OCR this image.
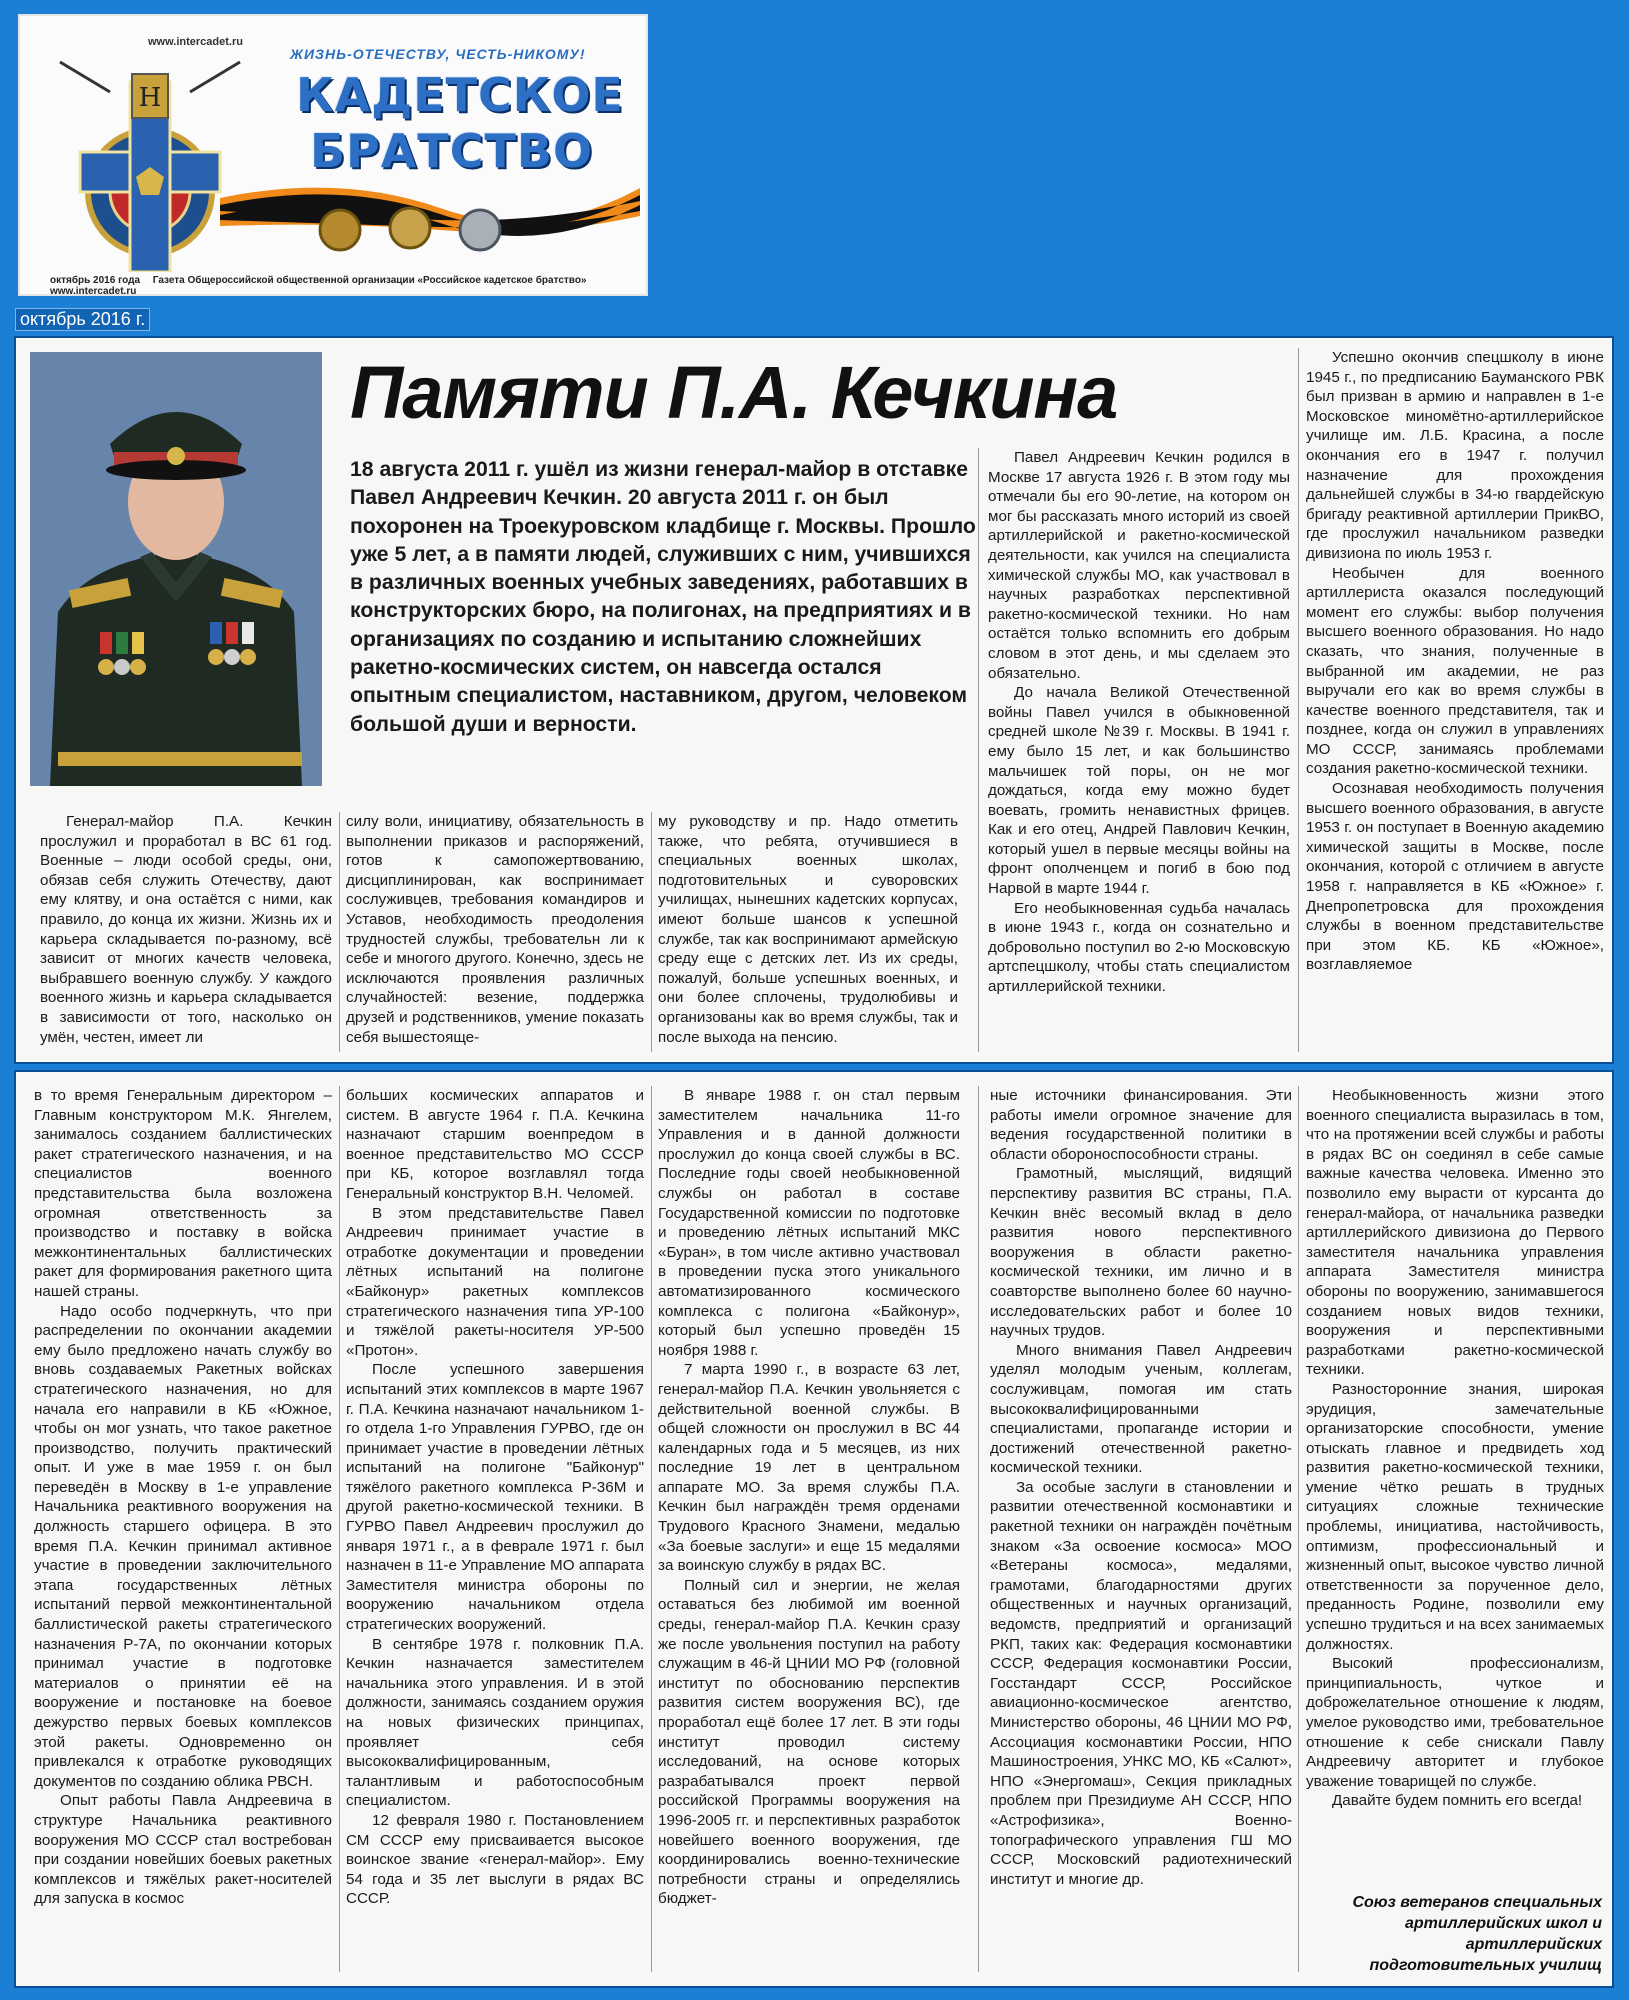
Н
www.intercadet.ru
ЖИЗНЬ-ОТЕЧЕСТВУ, ЧЕСТЬ-НИКОМУ!
КАДЕТСКОЕ
БРАТСТВО
октябрь 2016 года Газета Общероссийской общественной организации «Российское кадетское братство» www.intercadet.ru
октябрь 2016 г.
Памяти П.А. Кечкина
18 августа 2011 г. ушёл из жизни генерал-майор в отставке Павел Андреевич Кечкин. 20 августа 2011 г. он был похоронен на Троекуровском кладбище г. Москвы. Прошло уже 5 лет, а в памяти людей, служивших с ним, учившихся в различных военных учебных заведениях, работавших в конструкторских бюро, на полигонах, на предприятиях и в организациях по созданию и испытанию сложнейших ракетно-космических систем, он навсегда остался опытным специалистом, наставником, другом, человеком большой души и верности.

Генерал-майор П.А. Кечкин прослужил и проработал в ВС 61 год. Военные – люди особой среды, они, обязав себя служить Отечеству, дают ему клятву, и она остаётся с ними, как правило, до конца их жизни. Жизнь их и карьера складывается по-разному, всё зависит от многих качеств человека, выбравшего военную службу. У каждого военного жизнь и карьера складывается в зависимости от того, насколько он умён, честен, имеет ли

силу воли, инициативу, обязательность в выполнении приказов и распоряжений, готов к самопожертвованию, дисциплинирован, как воспринимает сослуживцев, требования командиров и Уставов, необходимость преодоления трудностей службы, требовательн ли к себе и многого другого. Конечно, здесь не исключаются проявления различных случайностей: везение, поддержка друзей и родственников, умение показать себя вышестояще-

му руководству и пр. Надо отметить также, что ребята, отучившиеся в специальных военных школах, подготовительных и суворовских училищах, нынешних кадетских корпусах, имеют больше шансов к успешной службе, так как воспринимают армейскую среду еще с детских лет. Из их среды, пожалуй, больше успешных военных, и они более сплочены, трудолюбивы и организованы как во время службы, так и после выхода на пенсию.

Павел Андреевич Кечкин родился в Москве 17 августа 1926 г. В этом году мы отмечали бы его 90-летие, на котором он мог бы рассказать много историй из своей артиллерийской и ракетно-космической деятельности, как учился на специалиста химической службы МО, как участвовал в научных разработках перспективной ракетно-космической техники. Но нам остаётся только вспомнить его добрым словом в этот день, и мы сделаем это обязательно.

До начала Великой Отечественной войны Павел учился в обыкновенной средней школе №39 г. Москвы. В 1941 г. ему было 15 лет, и как большинство мальчишек той поры, он не мог дождаться, когда ему можно будет воевать, громить ненавистных фрицев. Как и его отец, Андрей Павлович Кечкин, который ушел в первые месяцы войны на фронт ополченцем и погиб в бою под Нарвой в марте 1944 г.

Его необыкновенная судьба началась в июне 1943 г., когда он сознательно и добровольно поступил во 2-ю Московскую артспецшколу, чтобы стать специалистом артиллерийской техники.

Успешно окончив спецшколу в июне 1945 г., по предписанию Бауманского РВК был призван в армию и направлен в 1-е Московское миномётно-артиллерийское училище им. Л.Б. Красина, а после окончания его в 1947 г. получил назначение для прохождения дальнейшей службы в 34-ю гвардейскую бригаду реактивной артиллерии ПрикВО, где прослужил начальником разведки дивизиона по июль 1953 г.

Необычен для военного артиллериста оказался последующий момент его службы: выбор получения высшего военного образования. Но надо сказать, что знания, полученные в выбранной им академии, не раз выручали его как во время службы в качестве военного представителя, так и позднее, когда он служил в управлениях МО СССР, занимаясь проблемами создания ракетно-космической техники.

Осознавая необходимость получения высшего военного образования, в августе 1953 г. он поступает в Военную академию химической защиты в Москве, после окончания, которой с отличием в августе 1958 г. направляется в КБ «Южное» г. Днепропетровска для прохождения службы в военном представительстве при этом КБ. КБ «Южное», возглавляемое

в то время Генеральным директором – Главным конструктором М.К. Янгелем, занималось созданием баллистических ракет стратегического назначения, и на специалистов военного представительства была возложена огромная ответственность за производство и поставку в войска межконтинентальных баллистических ракет для формирования ракетного щита нашей страны.

Надо особо подчеркнуть, что при распределении по окончании академии ему было предложено начать службу во вновь создаваемых Ракетных войсках стратегического назначения, но для начала его направили в КБ «Южное, чтобы он мог узнать, что такое ракетное производство, получить практический опыт. И уже в мае 1959 г. он был переведён в Москву в 1-е управление Начальника реактивного вооружения на должность старшего офицера. В это время П.А. Кечкин принимал активное участие в проведении заключительного этапа государственных лётных испытаний первой межконтинентальной баллистической ракеты стратегического назначения Р-7А, по окончании которых принимал участие в подготовке материалов о принятии её на вооружение и постановке на боевое дежурство первых боевых комплексов этой ракеты. Одновременно он привлекался к отработке руководящих документов по созданию облика РВСН.

Опыт работы Павла Андреевича в структуре Начальника реактивного вооружения МО СССР стал востребован при создании новейших боевых ракетных комплексов и тяжёлых ракет-носителей для запуска в космос

больших космических аппаратов и систем. В августе 1964 г. П.А. Кечкина назначают старшим военпредом в военное представительство МО СССР при КБ, которое возглавлял тогда Генеральный конструктор В.Н. Челомей.

В этом представительстве Павел Андреевич принимает участие в отработке документации и проведении лётных испытаний на полигоне «Байконур» ракетных комплексов стратегического назначения типа УР-100 и тяжёлой ракеты-носителя УР-500 «Протон».

После успешного завершения испытаний этих комплексов в марте 1967 г. П.А. Кечкина назначают начальником 1-го отдела 1-го Управления ГУРВО, где он принимает участие в проведении лётных испытаний на полигоне "Байконур" тяжёлого ракетного комплекса Р-36М и другой ракетно-космической техники. В ГУРВО Павел Андреевич прослужил до января 1971 г., а в феврале 1971 г. был назначен в 11-е Управление МО аппарата Заместителя министра обороны по вооружению начальником отдела стратегических вооружений.

В сентябре 1978 г. полковник П.А. Кечкин назначается заместителем начальника этого управления. И в этой должности, занимаясь созданием оружия на новых физических принципах, проявляет себя высококвалифицированным, талантливым и работоспособным специалистом.

12 февраля 1980 г. Постановлением СМ СССР ему присваивается высокое воинское звание «генерал-майор». Ему 54 года и 35 лет выслуги в рядах ВС СССР.

В январе 1988 г. он стал первым заместителем начальника 11-го Управления и в данной должности прослужил до конца своей службы в ВС. Последние годы своей необыкновенной службы он работал в составе Государственной комиссии по подготовке и проведению лётных испытаний МКС «Буран», в том числе активно участвовал в проведении пуска этого уникального автоматизированного космического комплекса с полигона «Байконур», который был успешно проведён 15 ноября 1988 г.

7 марта 1990 г., в возрасте 63 лет, генерал-майор П.А. Кечкин увольняется с действительной военной службы. В общей сложности он прослужил в ВС 44 календарных года и 5 месяцев, из них последние 19 лет в центральном аппарате МО. За время службы П.А. Кечкин был награждён тремя орденами Трудового Красного Знамени, медалью «За боевые заслуги» и еще 15 медалями за воинскую службу в рядах ВС.

Полный сил и энергии, не желая оставаться без любимой им военной среды, генерал-майор П.А. Кечкин сразу же после увольнения поступил на работу служащим в 46-й ЦНИИ МО РФ (головной институт по обоснованию перспектив развития систем вооружения ВС), где проработал ещё более 17 лет. В эти годы институт проводил систему исследований, на основе которых разрабатывался проект первой российской Программы вооружения на 1996-2005 гг. и перспективных разработок новейшего военного вооружения, где координировались военно-технические потребности страны и определялись бюджет-

ные источники финансирования. Эти работы имели огромное значение для ведения государственной политики в области обороноспособности страны.

Грамотный, мыслящий, видящий перспективу развития ВС страны, П.А. Кечкин внёс весомый вклад в дело развития нового перспективного вооружения в области ракетно-космической техники, им лично и в соавторстве выполнено более 60 научно-исследовательских работ и более 10 научных трудов.

Много внимания Павел Андреевич уделял молодым ученым, коллегам, сослуживцам, помогая им стать высококвалифицированными специалистами, пропаганде истории и достижений отечественной ракетно-космической техники.

За особые заслуги в становлении и развитии отечественной космонавтики и ракетной техники он награждён почётным знаком «За освоение космоса» МОО «Ветераны космоса», медалями, грамотами, благодарностями других общественных и научных организаций, ведомств, предприятий и организаций РКП, таких как: Федерация космонавтики СССР, Федерация космонавтики России, Госстандарт СССР, Российское авиационно-космическое агентство, Министерство обороны, 46 ЦНИИ МО РФ, Ассоциация космонавтики России, НПО Машиностроения, УНКС МО, КБ «Салют», НПО «Энергомаш», Секция прикладных проблем при Президиуме АН СССР, НПО «Астрофизика», Военно-топографического управления ГШ МО СССР, Московский радиотехнический институт и многие др.

Необыкновенность жизни этого военного специалиста выразилась в том, что на протяжении всей службы и работы в рядах ВС он соединял в себе самые важные качества человека. Именно это позволило ему вырасти от курсанта до генерал-майора, от начальника разведки артиллерийского дивизиона до Первого заместителя начальника управления аппарата Заместителя министра обороны по вооружению, занимавшегося созданием новых видов техники, вооружения и перспективными разработками ракетно-космической техники.

Разносторонние знания, широкая эрудиция, замечательные организаторские способности, умение отыскать главное и предвидеть ход развития ракетно-космической техники, умение чётко решать в трудных ситуациях сложные технические проблемы, инициатива, настойчивость, оптимизм, профессиональный и жизненный опыт, высокое чувство личной ответственности за порученное дело, преданность Родине, позволили ему успешно трудиться и на всех занимаемых должностях.

Высокий профессионализм, принципиальность, чуткое и доброжелательное отношение к людям, умелое руководство ими, требовательное отношение к себе снискали Павлу Андреевичу авторитет и глубокое уважение товарищей по службе.

Давайте будем помнить его всегда!

Союз ветеранов специальных артиллерийских школ и артиллерийских подготовительных училищ
